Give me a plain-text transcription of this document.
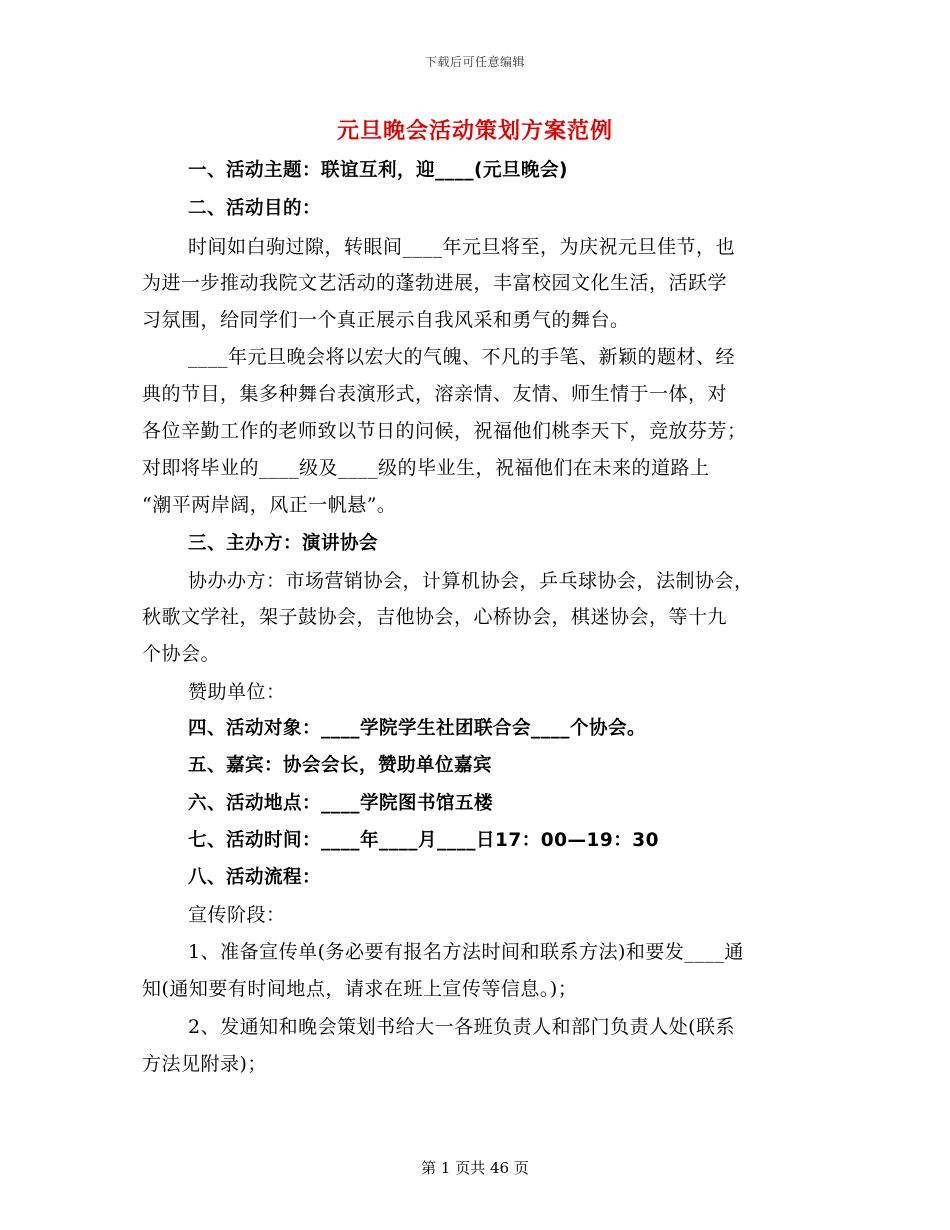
下载后可任意编辑
元旦晚会活动策划方案范例
一、活动主题：联谊互利，迎____(元旦晚会)
二、活动目的：
时间如白驹过隙，转眼间____年元旦将至，为庆祝元旦佳节，也
为进一步推动我院文艺活动的蓬勃进展，丰富校园文化生活，活跃学
习氛围，给同学们一个真正展示自我风采和勇气的舞台。
____年元旦晚会将以宏大的气魄、不凡的手笔、新颖的题材、经
典的节目，集多种舞台表演形式，溶亲情、友情、师生情于一体，对
各位辛勤工作的老师致以节日的问候，祝福他们桃李天下，竞放芬芳；
对即将毕业的____级及____级的毕业生，祝福他们在未来的道路上
“潮平两岸阔，风正一帆悬”。
三、主办方：演讲协会
协办办方：市场营销协会，计算机协会，乒乓球协会，法制协会，
秋歌文学社，架子鼓协会，吉他协会，心桥协会，棋迷协会，等十九
个协会。
赞助单位：
四、活动对象：____学院学生社团联合会____个协会。
五、嘉宾：协会会长，赞助单位嘉宾
六、活动地点：____学院图书馆五楼
七、活动时间：____年____月____日17：00—19：30
八、活动流程：
宣传阶段：
1、准备宣传单(务必要有报名方法时间和联系方法)和要发____通
知(通知要有时间地点，请求在班上宣传等信息。)；
2、发通知和晚会策划书给大一各班负责人和部门负责人处(联系
方法见附录)；
第 1 页共 46 页
